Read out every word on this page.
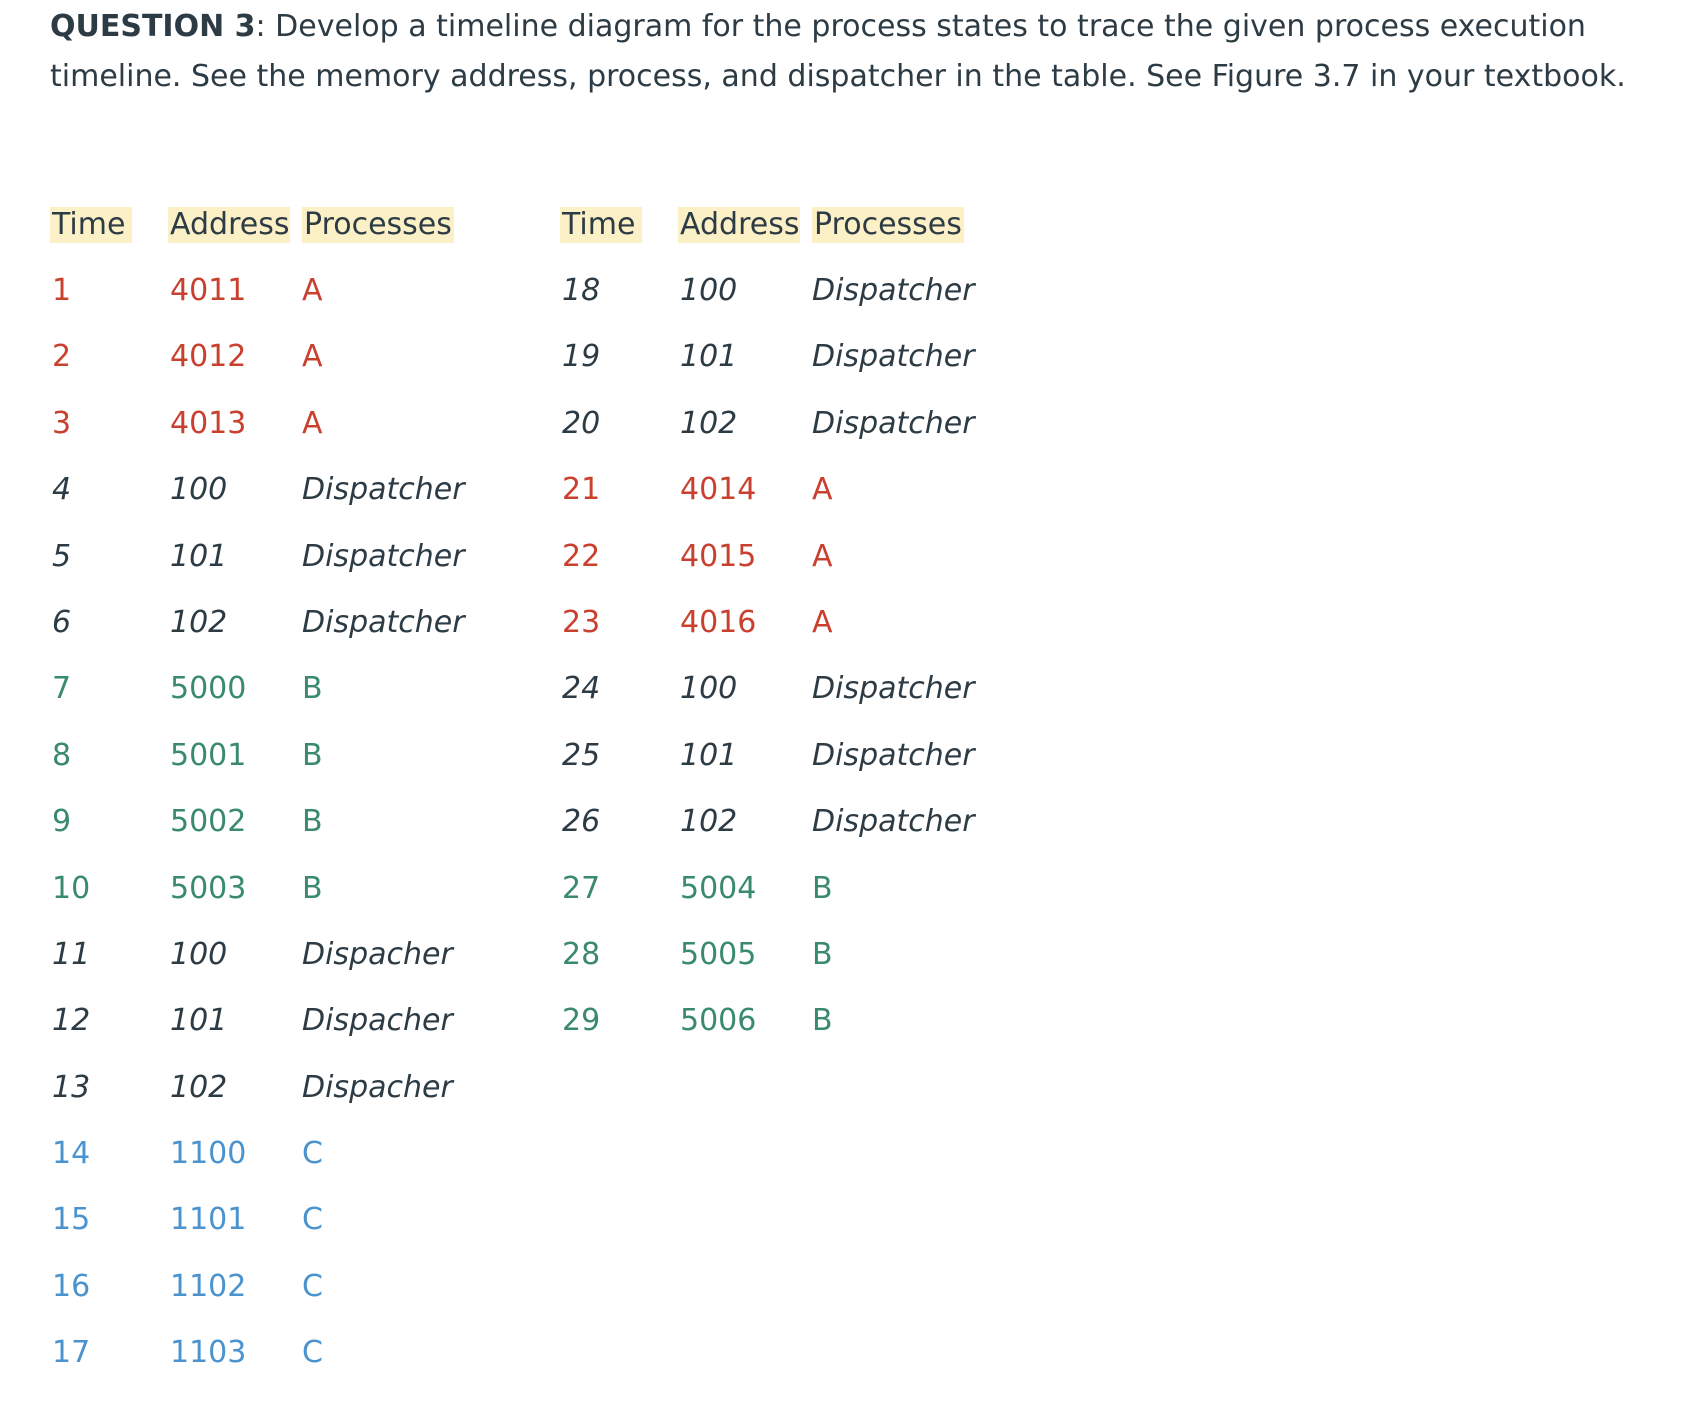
QUESTION 3: Develop a timeline diagram for the process states to trace the given process execution timeline. See the memory address, process, and dispatcher in the table. See Figure 3.7 in your textbook.
Time Address Processes
1	4011 A
2	4012 A
3	4013 A
4	100 Dispatcher
5	101 Dispatcher
6	102 Dispatcher
7	5000 B
8	5001 B
9	5002 B
10	5003 B
11	100 Dispacher
12	101 Dispacher
13	102 Dispacher
14	1100 C
15	1101 C
16	1102 C
17	1103 C
Time Address Processes
18	100 Dispatcher
19	101 Dispatcher
20	102 Dispatcher
21	4014 A
22	4015 A
23	4016 A
24	100 Dispatcher
25	101 Dispatcher
26	102 Dispatcher
27	5004 B
28	5005 B
29	5006 B
